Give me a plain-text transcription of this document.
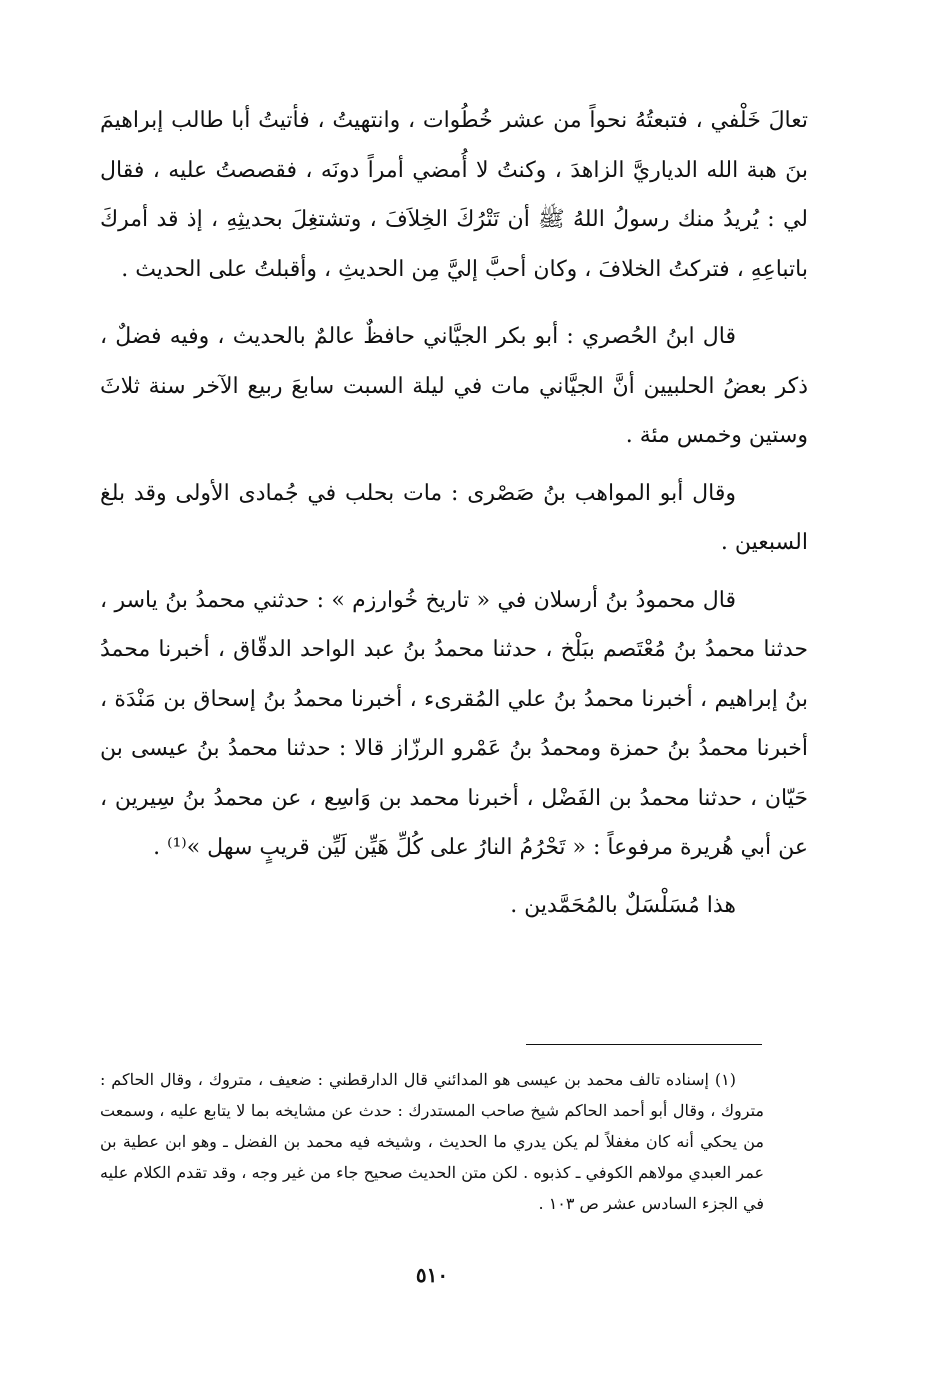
تعالَ خَلْفي ، فتبعتُهُ نحواً من عشر خُطُوات ، وانتهيتُ ، فأتيتُ أبا طالب إبراهيمَ بنَ هبة الله الدياريَّ الزاهدَ ، وكنتُ لا أُمضي أمراً دونَه ، فقصصتُ عليه ، فقال لي : يُريدُ منك رسولُ اللهُ ﷺ أن تَتْرُكَ الخِلاَفَ ، وتشتغِلَ بحديثِهِ ، إذ قد أمركَ باتباعِهِ ، فتركتُ الخلافَ ، وكان أحبَّ إليَّ مِن الحديثِ ، وأقبلتُ على الحديث .

قال ابنُ الحُصري : أبو بكر الجيَّاني حافظٌ عالمٌ بالحديث ، وفيه فضلٌ ، ذكر بعضُ الحلبيين أنَّ الجيَّاني مات في ليلة السبت سابعَ ربيع الآخر سنة ثلاثَ وستين وخمس مئة .

وقال أبو المواهب بنُ صَصْرى : مات بحلب في جُمادى الأولى وقد بلغ السبعين .

قال محمودُ بنُ أرسلان في « تاريخ خُوارزم » : حدثني محمدُ بنُ ياسر ، حدثنا محمدُ بنُ مُعْتَصم ببَلْخ ، حدثنا محمدُ بنُ عبد الواحد الدقّاق ، أخبرنا محمدُ بنُ إبراهيم ، أخبرنا محمدُ بنُ علي المُقرىء ، أخبرنا محمدُ بنُ إسحاق بن مَنْدَة ، أخبرنا محمدُ بنُ حمزة ومحمدُ بنُ عَمْرو الرزّاز قالا : حدثنا محمدُ بنُ عيسى بن حَيّان ، حدثنا محمدُ بن الفَضْل ، أخبرنا محمد بن وَاسِع ، عن محمدُ بنُ سِيرين ، عن أبي هُريرة مرفوعاً : « تَحْرُمُ النارُ على كُلِّ هَيِّن لَيِّن قريبٍ سهل »⁽¹⁾ .

هذا مُسَلْسَلٌ بالمُحَمَّدين .

(١) إسناده تالف محمد بن عيسى هو المدائني قال الدارقطني : ضعيف ، متروك ، وقال الحاكم : متروك ، وقال أبو أحمد الحاكم شيخ صاحب المستدرك : حدث عن مشايخه بما لا يتابع عليه ، وسمعت من يحكي أنه كان مغفلاً لم يكن يدري ما الحديث ، وشيخه فيه محمد بن الفضل ـ وهو ابن عطية بن عمر العبدي مولاهم الكوفي ـ كذبوه . لكن متن الحديث صحيح جاء من غير وجه ، وقد تقدم الكلام عليه في الجزء السادس عشر ص ١٠٣ .

٥١٠
